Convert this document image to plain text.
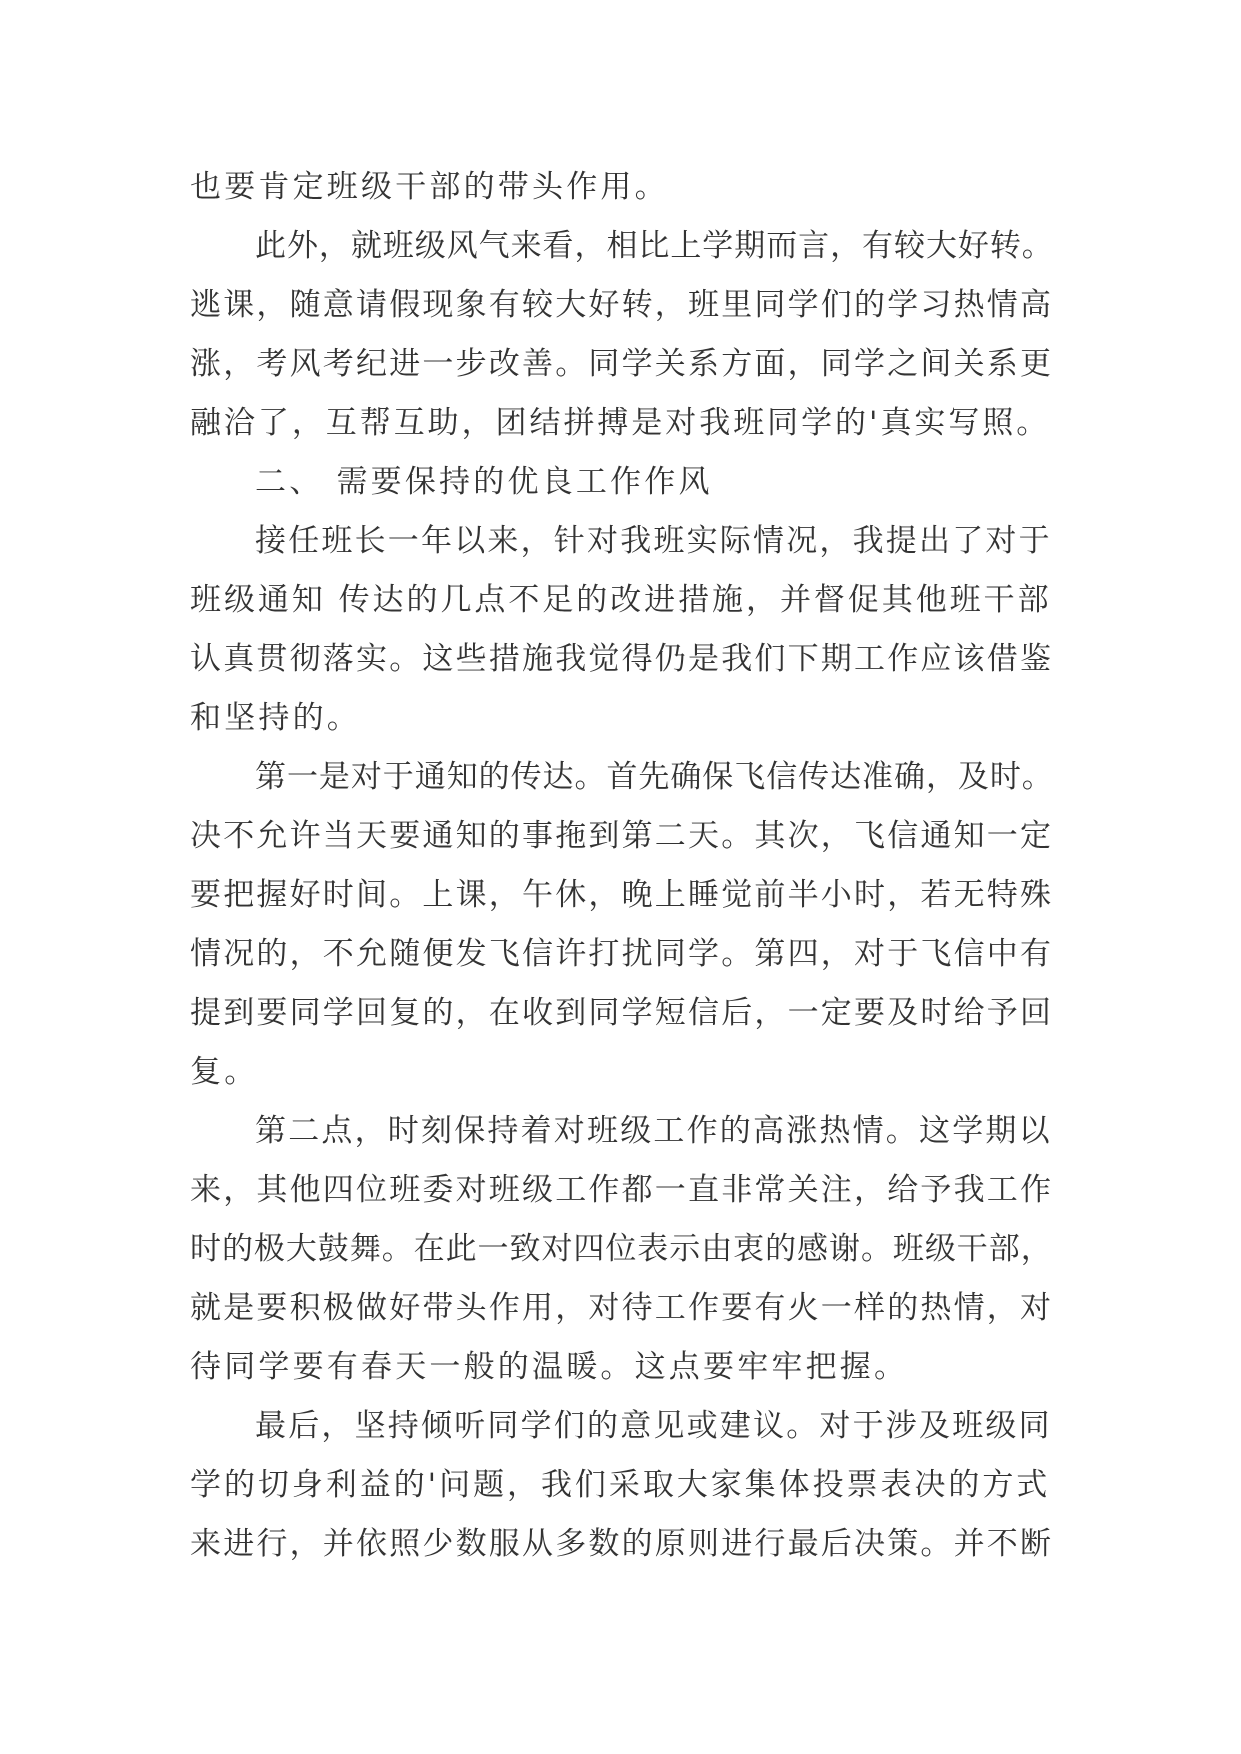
也要肯定班级干部的带头作用。
此外，就班级风气来看，相比上学期而言，有较大好转。
逃课，随意请假现象有较大好转，班里同学们的学习热情高
涨，考风考纪进一步改善。同学关系方面，同学之间关系更
融洽了，互帮互助，团结拼搏是对我班同学的'真实写照。
二、 需要保持的优良工作作风
接任班长一年以来，针对我班实际情况，我提出了对于
班级通知 传达的几点不足的改进措施，并督促其他班干部
认真贯彻落实。这些措施我觉得仍是我们下期工作应该借鉴
和坚持的。
第一是对于通知的传达。首先确保飞信传达准确，及时。
决不允许当天要通知的事拖到第二天。其次，飞信通知一定
要把握好时间。上课，午休，晚上睡觉前半小时，若无特殊
情况的，不允随便发飞信许打扰同学。第四，对于飞信中有
提到要同学回复的，在收到同学短信后，一定要及时给予回
复。
第二点，时刻保持着对班级工作的高涨热情。这学期以
来，其他四位班委对班级工作都一直非常关注，给予我工作
时的极大鼓舞。在此一致对四位表示由衷的感谢。班级干部，
就是要积极做好带头作用，对待工作要有火一样的热情，对
待同学要有春天一般的温暖。这点要牢牢把握。
最后，坚持倾听同学们的意见或建议。对于涉及班级同
学的切身利益的'问题，我们采取大家集体投票表决的方式
来进行，并依照少数服从多数的原则进行最后决策。并不断
